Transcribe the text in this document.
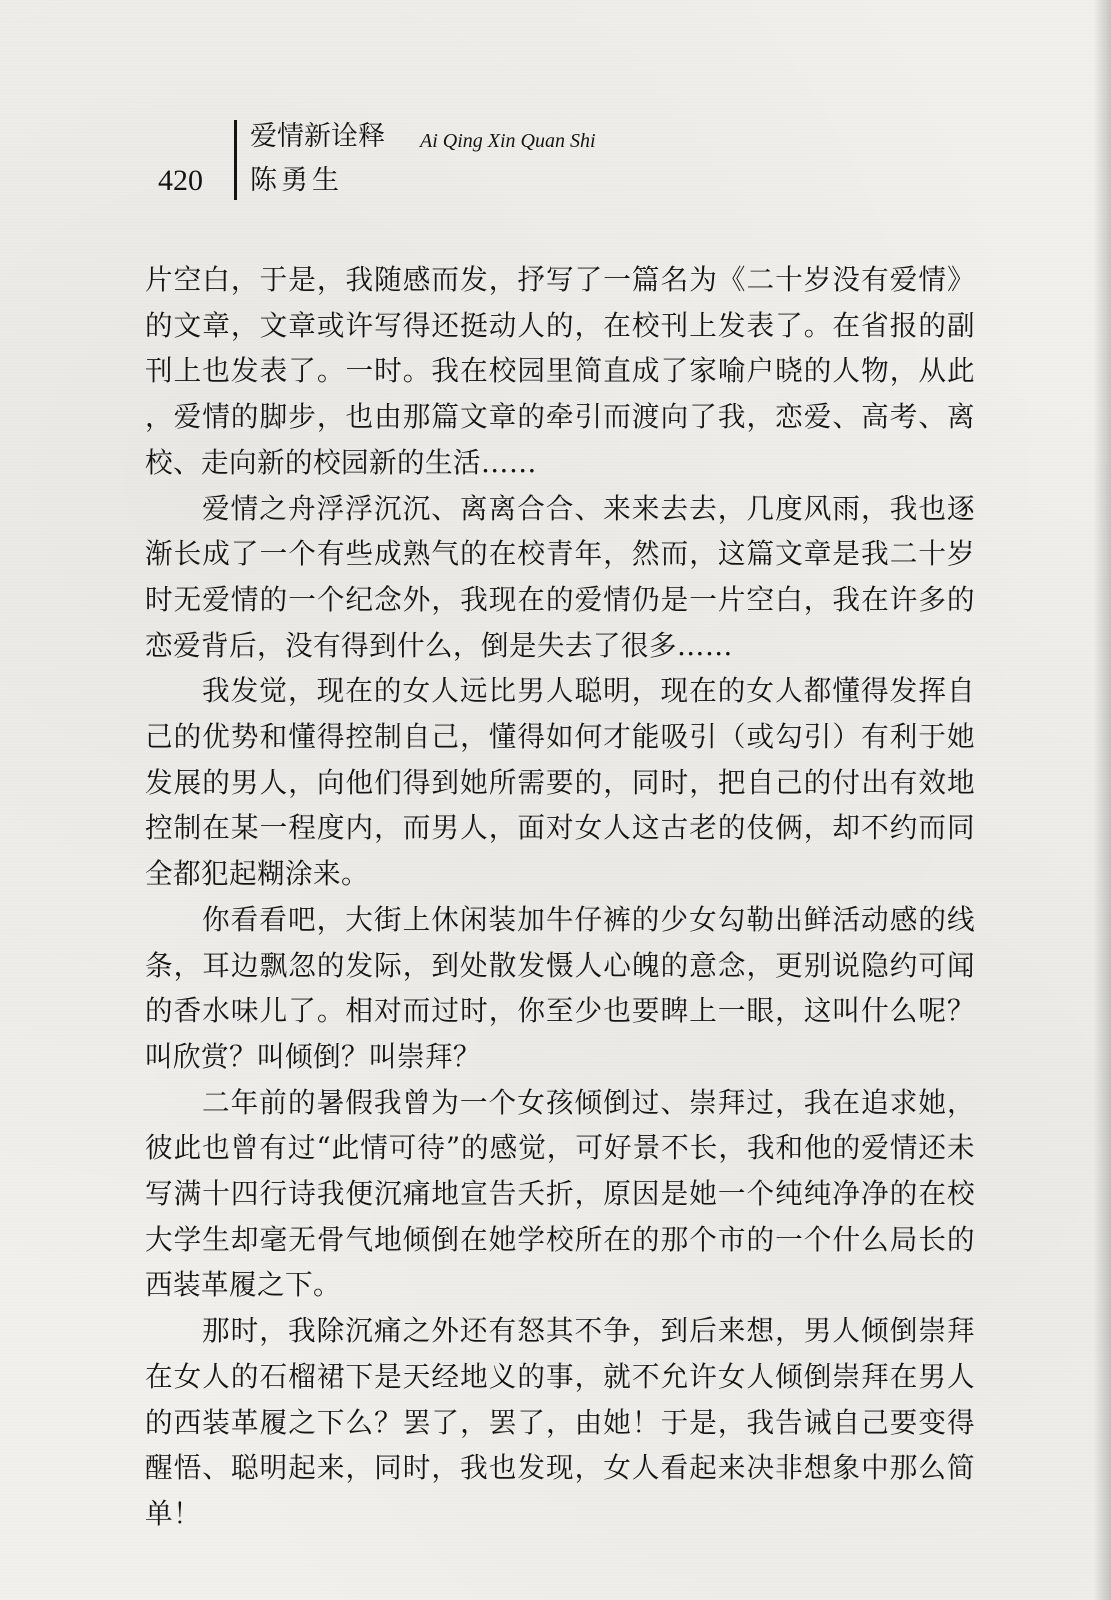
420
爱情新诠释 Ai Qing Xin Quan Shi
陈勇生

片空白，于是，我随感而发，抒写了一篇名为《二十岁没有爱情》的文章，文章或许写得还挺动人的，在校刊上发表了。在省报的副刊上也发表了。一时。我在校园里简直成了家喻户晓的人物，从此，爱情的脚步，也由那篇文章的牵引而渡向了我，恋爱、高考、离校、走向新的校园新的生活……

爱情之舟浮浮沉沉、离离合合、来来去去，几度风雨，我也逐渐长成了一个有些成熟气的在校青年，然而，这篇文章是我二十岁时无爱情的一个纪念外，我现在的爱情仍是一片空白，我在许多的恋爱背后，没有得到什么，倒是失去了很多……

我发觉，现在的女人远比男人聪明，现在的女人都懂得发挥自己的优势和懂得控制自己，懂得如何才能吸引（或勾引）有利于她发展的男人，向他们得到她所需要的，同时，把自己的付出有效地控制在某一程度内，而男人，面对女人这古老的伎俩，却不约而同全都犯起糊涂来。

你看看吧，大街上休闲装加牛仔裤的少女勾勒出鲜活动感的线条，耳边飘忽的发际，到处散发慑人心魄的意念，更别说隐约可闻的香水味儿了。相对而过时，你至少也要睥上一眼，这叫什么呢？叫欣赏？叫倾倒？叫崇拜？

二年前的暑假我曾为一个女孩倾倒过、崇拜过，我在追求她，彼此也曾有过“此情可待”的感觉，可好景不长，我和他的爱情还未写满十四行诗我便沉痛地宣告夭折，原因是她一个纯纯净净的在校大学生却毫无骨气地倾倒在她学校所在的那个市的一个什么局长的西装革履之下。

那时，我除沉痛之外还有怒其不争，到后来想，男人倾倒崇拜在女人的石榴裙下是天经地义的事，就不允许女人倾倒崇拜在男人的西装革履之下么？罢了，罢了，由她！于是，我告诫自己要变得醒悟、聪明起来，同时，我也发现，女人看起来决非想象中那么简单！
